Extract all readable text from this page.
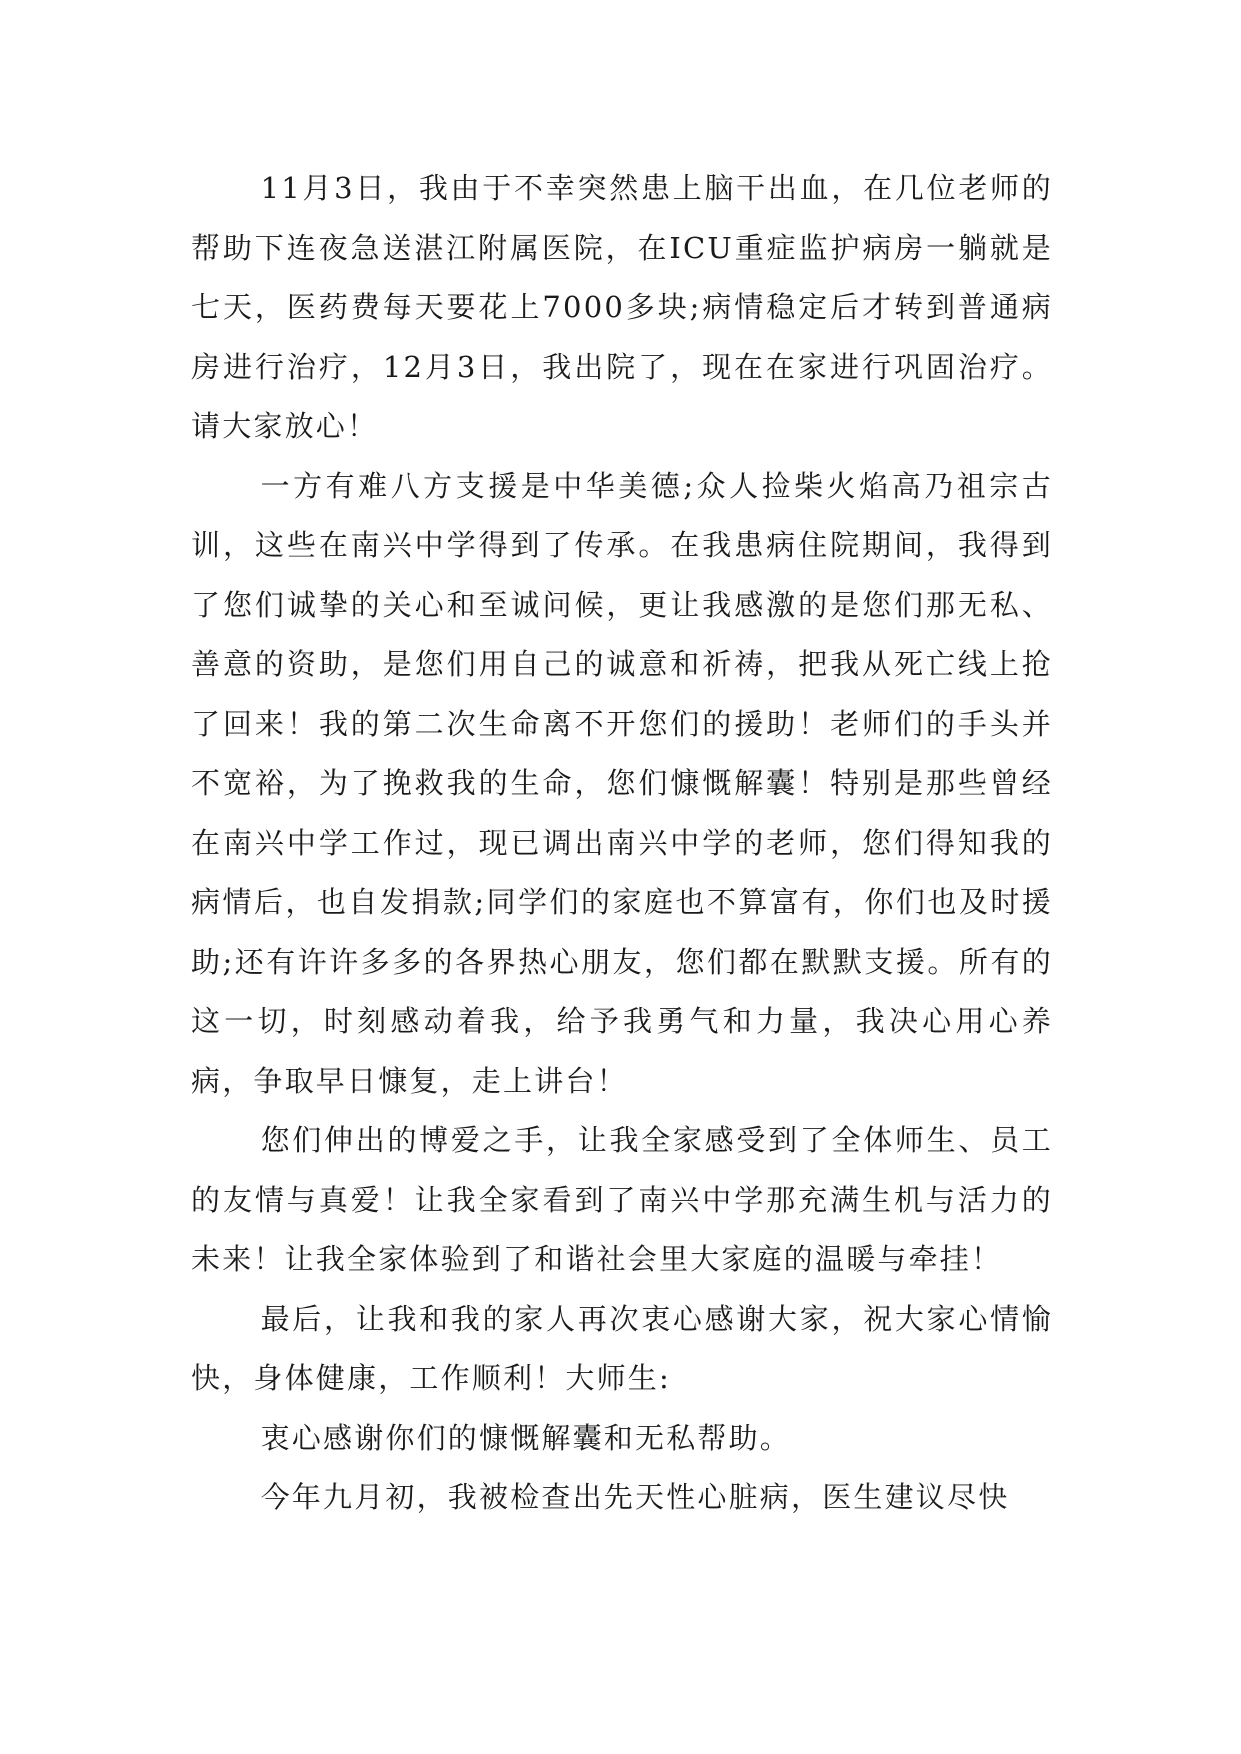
11月3日，我由于不幸突然患上脑干出血，在几位老师的帮助下连夜急送湛江附属医院，在ICU重症监护病房一躺就是七天，医药费每天要花上7000多块;病情稳定后才转到普通病房进行治疗，12月3日，我出院了，现在在家进行巩固治疗。请大家放心！

一方有难八方支援是中华美德;众人捡柴火焰高乃祖宗古训，这些在南兴中学得到了传承。在我患病住院期间，我得到了您们诚挚的关心和至诚问候，更让我感激的是您们那无私、善意的资助，是您们用自己的诚意和祈祷，把我从死亡线上抢了回来！我的第二次生命离不开您们的援助！老师们的手头并不宽裕，为了挽救我的生命，您们慷慨解囊！特别是那些曾经在南兴中学工作过，现已调出南兴中学的老师，您们得知我的病情后，也自发捐款;同学们的家庭也不算富有，你们也及时援助;还有许许多多的各界热心朋友，您们都在默默支援。所有的这一切，时刻感动着我，给予我勇气和力量，我决心用心养病，争取早日慷复，走上讲台！

您们伸出的博爱之手，让我全家感受到了全体师生、员工的友情与真爱！让我全家看到了南兴中学那充满生机与活力的未来！让我全家体验到了和谐社会里大家庭的温暖与牵挂！

最后，让我和我的家人再次衷心感谢大家，祝大家心情愉快，身体健康，工作顺利！大师生:

衷心感谢你们的慷慨解囊和无私帮助。

今年九月初，我被检查出先天性心脏病，医生建议尽快
